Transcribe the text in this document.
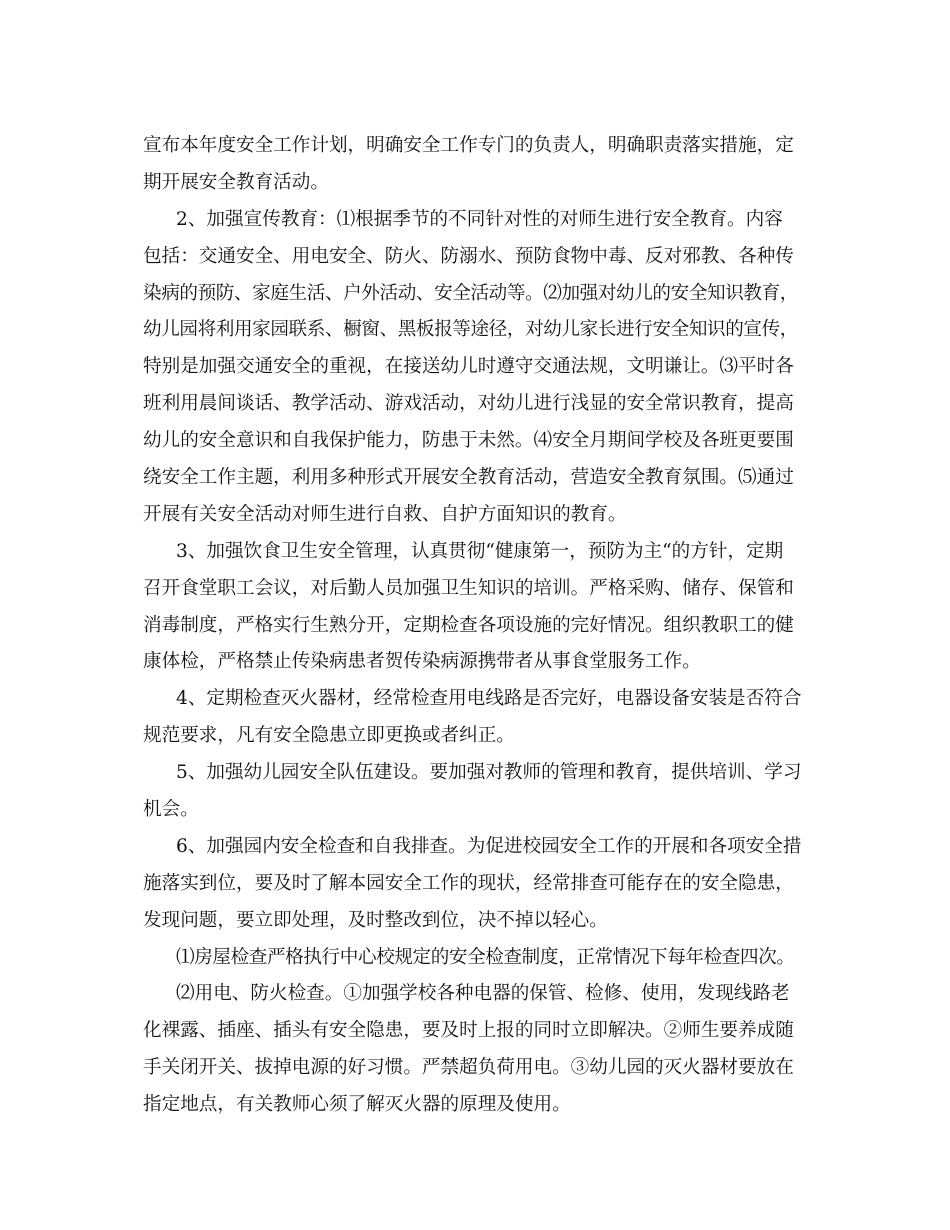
宣布本年度安全工作计划，明确安全工作专门的负责人，明确职责落实措施，定
期开展安全教育活动。
2、加强宣传教育：⑴根据季节的不同针对性的对师生进行安全教育。内容
包括：交通安全、用电安全、防火、防溺水、预防食物中毒、反对邪教、各种传
染病的预防、家庭生活、户外活动、安全活动等。⑵加强对幼儿的安全知识教育，
幼儿园将利用家园联系、橱窗、黑板报等途径，对幼儿家长进行安全知识的宣传，
特别是加强交通安全的重视，在接送幼儿时遵守交通法规，文明谦让。⑶平时各
班利用晨间谈话、教学活动、游戏活动，对幼儿进行浅显的安全常识教育，提高
幼儿的安全意识和自我保护能力，防患于未然。⑷安全月期间学校及各班更要围
绕安全工作主题，利用多种形式开展安全教育活动，营造安全教育氛围。⑸通过
开展有关安全活动对师生进行自救、自护方面知识的教育。
3、加强饮食卫生安全管理，认真贯彻“健康第一，预防为主“的方针，定期
召开食堂职工会议，对后勤人员加强卫生知识的培训。严格采购、储存、保管和
消毒制度，严格实行生熟分开，定期检查各项设施的完好情况。组织教职工的健
康体检，严格禁止传染病患者贺传染病源携带者从事食堂服务工作。
4、定期检查灭火器材，经常检查用电线路是否完好，电器设备安装是否符合
规范要求，凡有安全隐患立即更换或者纠正。
5、加强幼儿园安全队伍建设。要加强对教师的管理和教育，提供培训、学习
机会。
6、加强园内安全检查和自我排查。为促进校园安全工作的开展和各项安全措
施落实到位，要及时了解本园安全工作的现状，经常排查可能存在的安全隐患，
发现问题，要立即处理，及时整改到位，决不掉以轻心。
⑴房屋检查严格执行中心校规定的安全检查制度，正常情况下每年检查四次。
⑵用电、防火检查。①加强学校各种电器的保管、检修、使用，发现线路老
化裸露、插座、插头有安全隐患，要及时上报的同时立即解决。②师生要养成随
手关闭开关、拔掉电源的好习惯。严禁超负荷用电。③幼儿园的灭火器材要放在
指定地点，有关教师心须了解灭火器的原理及使用。
